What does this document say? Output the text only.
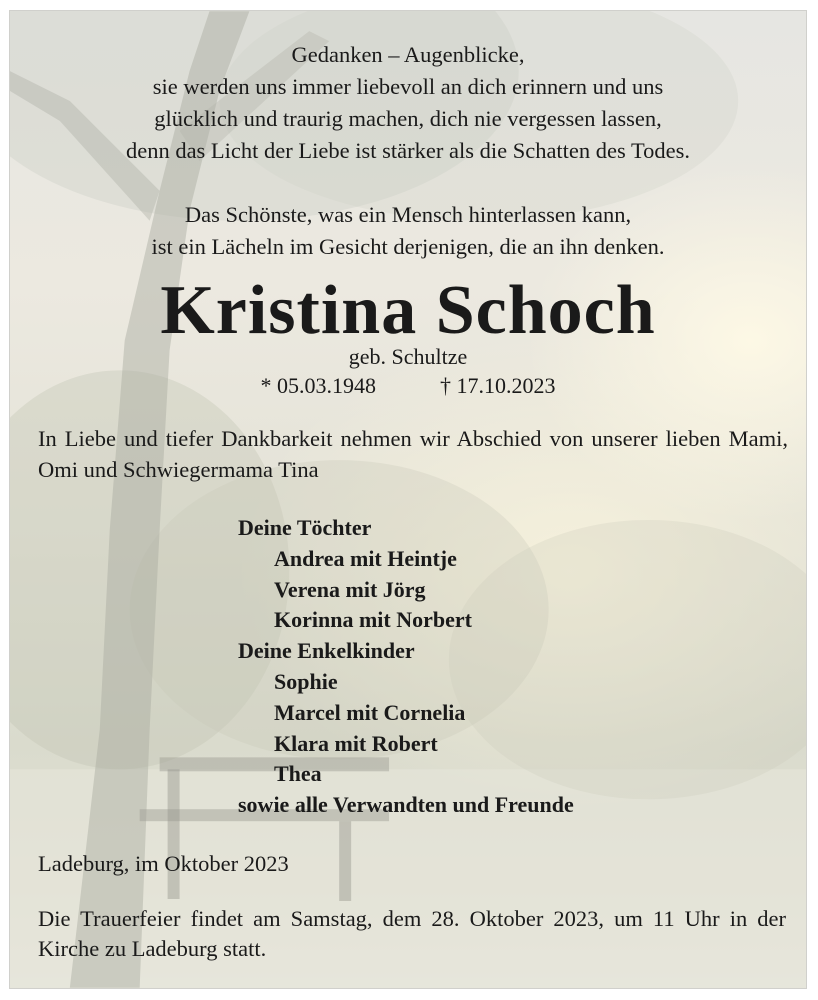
Gedanken – Augenblicke,
sie werden uns immer liebevoll an dich erinnern und uns
glücklich und traurig machen, dich nie vergessen lassen,
denn das Licht der Liebe ist stärker als die Schatten des Todes.

Das Schönste, was ein Mensch hinterlassen kann,
ist ein Lächeln im Gesicht derjenigen, die an ihn denken.

Kristina Schoch
geb. Schultze
* 05.03.1948	† 17.10.2023
In Liebe und tiefer Dankbarkeit nehmen wir Abschied von unserer lieben Mami, Omi und Schwiegermama Tina
Deine Töchter
Andrea mit Heintje
Verena mit Jörg
Korinna mit Norbert
Deine Enkelkinder
Sophie
Marcel mit Cornelia
Klara mit Robert
Thea
sowie alle Verwandten und Freunde
Ladeburg, im Oktober 2023
Die Trauerfeier findet am Samstag, dem 28. Oktober 2023, um 11 Uhr in der Kirche zu Ladeburg statt.
